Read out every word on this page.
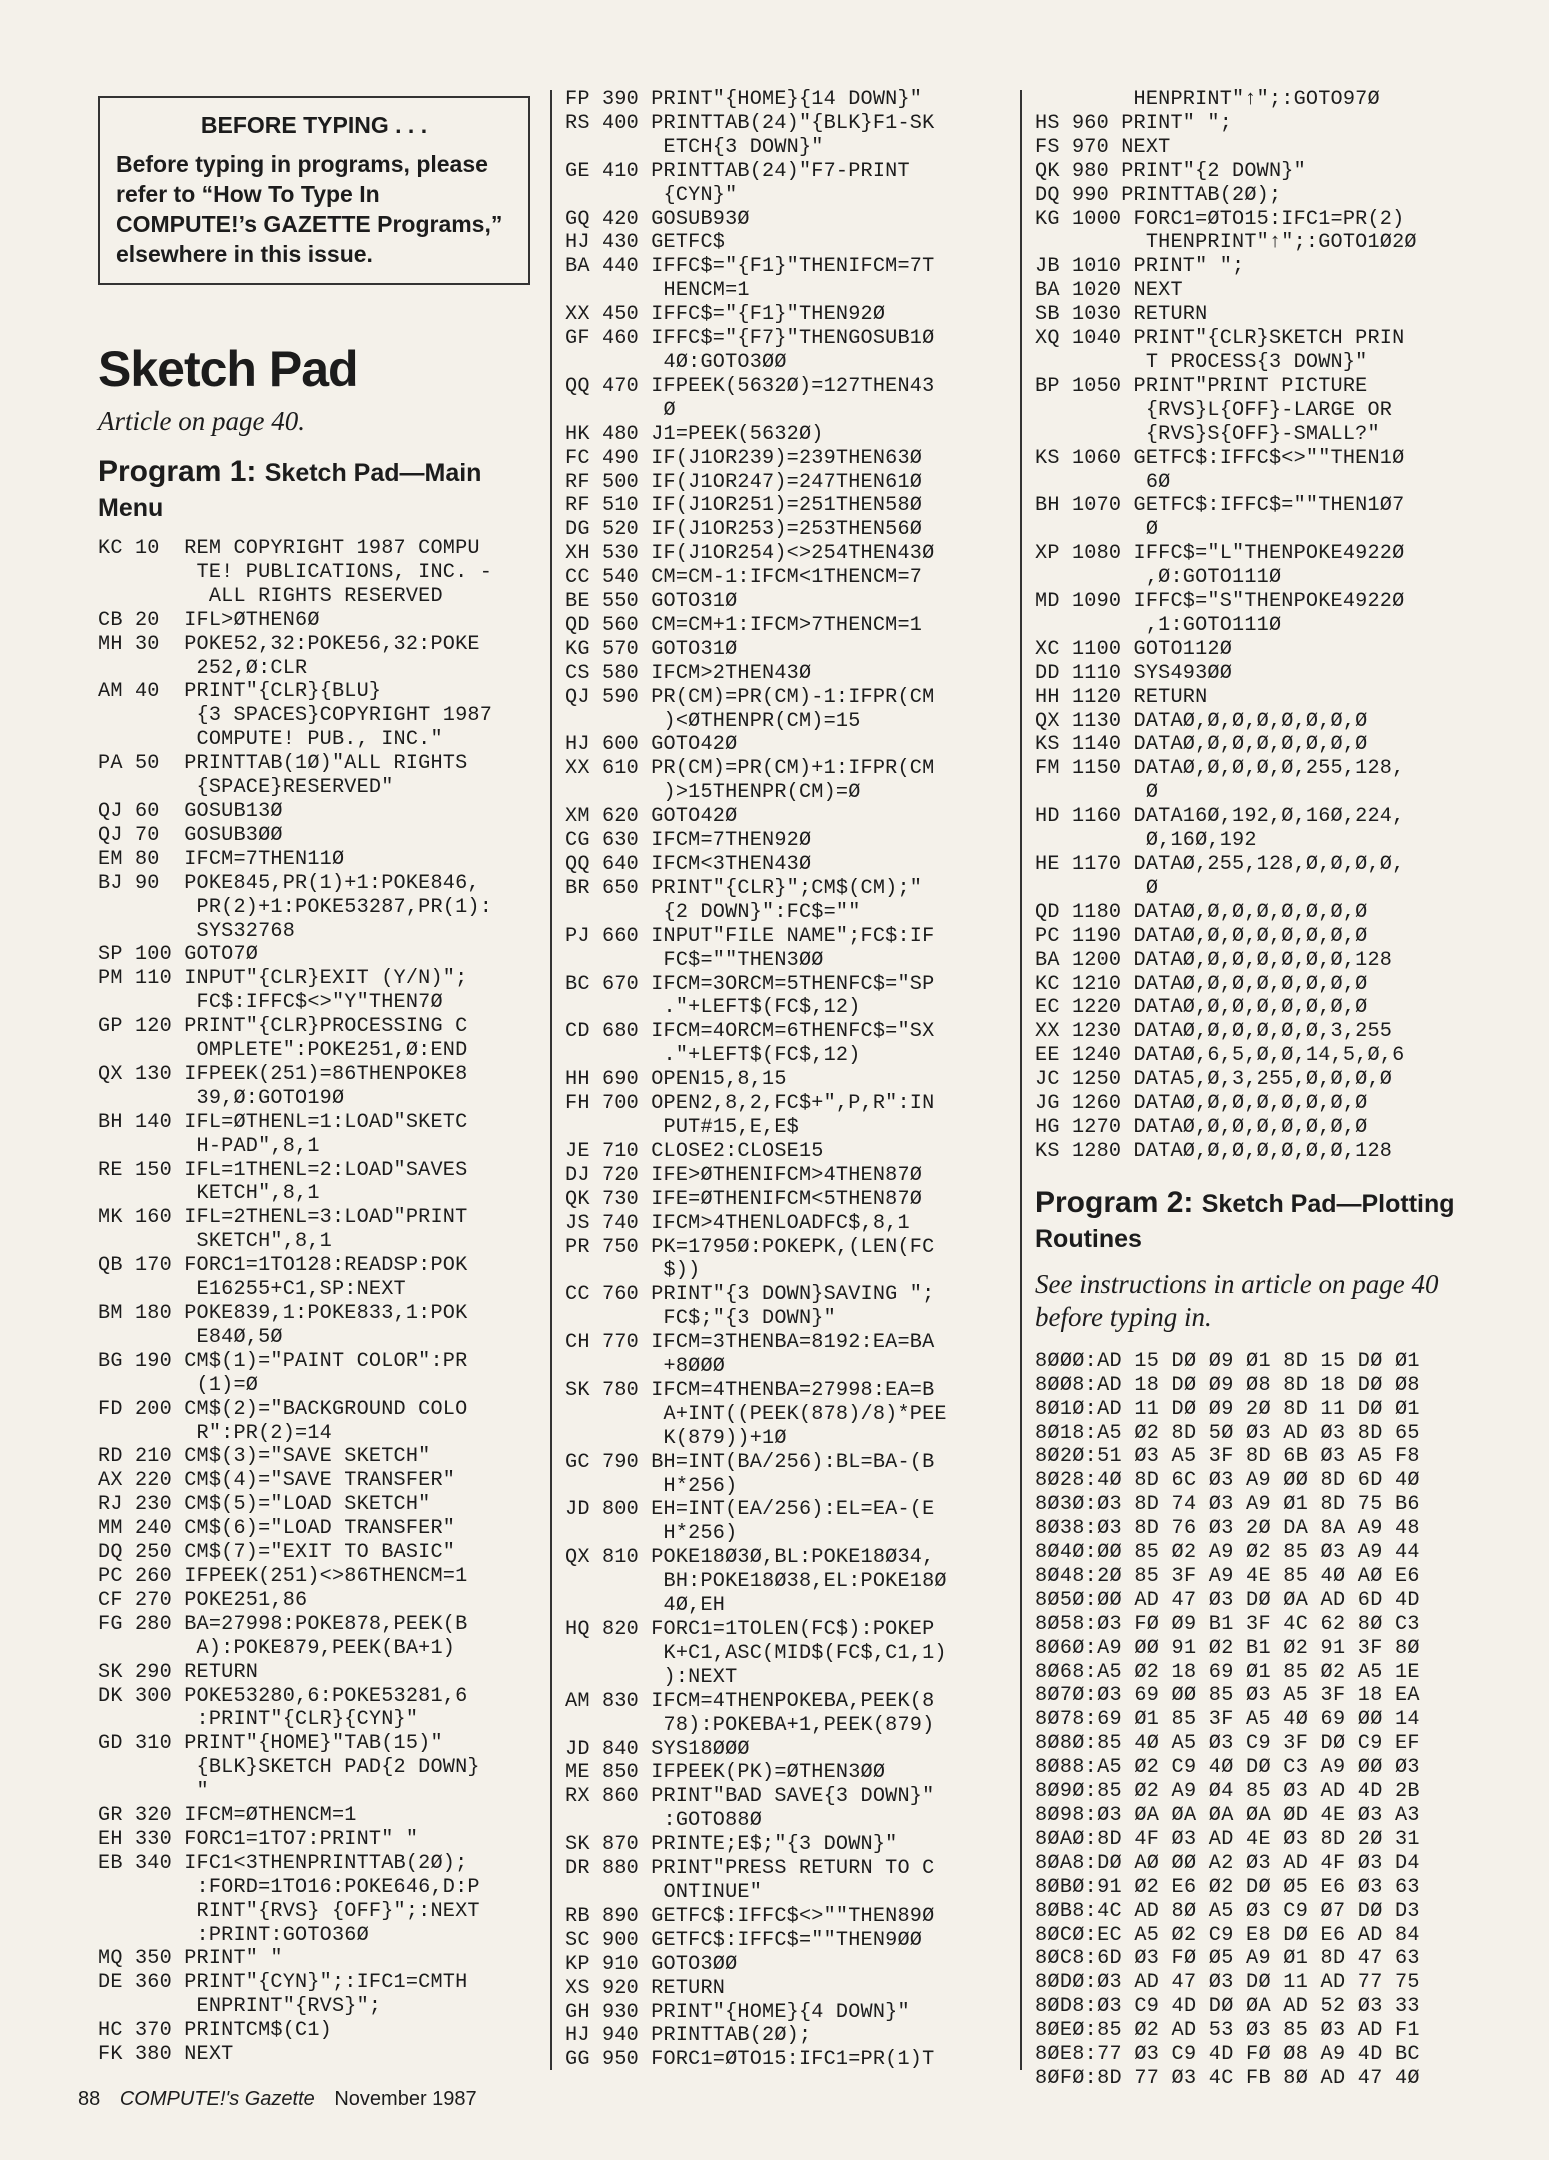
BEFORE TYPING . . .
Before typing in programs, please refer to “How To Type In COMPUTE!’s GAZETTE Programs,” elsewhere in this issue.
Sketch Pad
Article on page 40.
Program 1: Sketch Pad—Main Menu
KC 10  REM COPYRIGHT 1987 COMPU
TE! PUBLICATIONS, INC. -
ALL RIGHTS RESERVED
CB 20  IFL>ØTHEN6Ø
MH 30  POKE52,32:POKE56,32:POKE
252,Ø:CLR
AM 40  PRINT"{CLR}{BLU}
{3 SPACES}COPYRIGHT 1987
COMPUTE! PUB., INC."
PA 50  PRINTTAB(1Ø)"ALL RIGHTS
{SPACE}RESERVED"
QJ 60  GOSUB13Ø
QJ 70  GOSUB3ØØ
EM 80  IFCM=7THEN11Ø
BJ 90  POKE845,PR(1)+1:POKE846,
PR(2)+1:POKE53287,PR(1):
SYS32768
SP 100 GOTO7Ø
PM 110 INPUT"{CLR}EXIT (Y/N)";
FC$:IFFC$<>"Y"THEN7Ø
GP 120 PRINT"{CLR}PROCESSING C
OMPLETE":POKE251,Ø:END
QX 130 IFPEEK(251)=86THENPOKE8
39,Ø:GOTO19Ø
BH 140 IFL=ØTHENL=1:LOAD"SKETC
H-PAD",8,1
RE 150 IFL=1THENL=2:LOAD"SAVES
KETCH",8,1
MK 160 IFL=2THENL=3:LOAD"PRINT
SKETCH",8,1
QB 170 FORC1=1TO128:READSP:POK
E16255+C1,SP:NEXT
BM 180 POKE839,1:POKE833,1:POK
E84Ø,5Ø
BG 190 CM$(1)="PAINT COLOR":PR
(1)=Ø
FD 200 CM$(2)="BACKGROUND COLO
R":PR(2)=14
RD 210 CM$(3)="SAVE SKETCH"
AX 220 CM$(4)="SAVE TRANSFER"
RJ 230 CM$(5)="LOAD SKETCH"
MM 240 CM$(6)="LOAD TRANSFER"
DQ 250 CM$(7)="EXIT TO BASIC"
PC 260 IFPEEK(251)<>86THENCM=1
CF 270 POKE251,86
FG 280 BA=27998:POKE878,PEEK(B
A):POKE879,PEEK(BA+1)
SK 290 RETURN
DK 300 POKE53280,6:POKE53281,6
:PRINT"{CLR}{CYN}"
GD 310 PRINT"{HOME}"TAB(15)"
{BLK}SKETCH PAD{2 DOWN}
"
GR 320 IFCM=ØTHENCM=1
EH 330 FORC1=1TO7:PRINT" "
EB 340 IFC1<3THENPRINTTAB(2Ø);
:FORD=1TO16:POKE646,D:P
RINT"{RVS} {OFF}";:NEXT
:PRINT:GOTO36Ø
MQ 350 PRINT" "
DE 360 PRINT"{CYN}";:IFC1=CMTH
ENPRINT"{RVS}";
HC 370 PRINTCM$(C1)
FK 380 NEXT
FP 390 PRINT"{HOME}{14 DOWN}"
RS 400 PRINTTAB(24)"{BLK}F1-SK
ETCH{3 DOWN}"
GE 410 PRINTTAB(24)"F7-PRINT
{CYN}"
GQ 420 GOSUB93Ø
HJ 430 GETFC$
BA 440 IFFC$="{F1}"THENIFCM=7T
HENCM=1
XX 450 IFFC$="{F1}"THEN92Ø
GF 460 IFFC$="{F7}"THENGOSUB1Ø
4Ø:GOTO3ØØ
QQ 470 IFPEEK(5632Ø)=127THEN43
Ø
HK 480 J1=PEEK(5632Ø)
FC 490 IF(J1OR239)=239THEN63Ø
RF 500 IF(J1OR247)=247THEN61Ø
RF 510 IF(J1OR251)=251THEN58Ø
DG 520 IF(J1OR253)=253THEN56Ø
XH 530 IF(J1OR254)<>254THEN43Ø
CC 540 CM=CM-1:IFCM<1THENCM=7
BE 550 GOTO31Ø
QD 560 CM=CM+1:IFCM>7THENCM=1
KG 570 GOTO31Ø
CS 580 IFCM>2THEN43Ø
QJ 590 PR(CM)=PR(CM)-1:IFPR(CM
)<ØTHENPR(CM)=15
HJ 600 GOTO42Ø
XX 610 PR(CM)=PR(CM)+1:IFPR(CM
)>15THENPR(CM)=Ø
XM 620 GOTO42Ø
CG 630 IFCM=7THEN92Ø
QQ 640 IFCM<3THEN43Ø
BR 650 PRINT"{CLR}";CM$(CM);"
{2 DOWN}":FC$=""
PJ 660 INPUT"FILE NAME";FC$:IF
FC$=""THEN3ØØ
BC 670 IFCM=3ORCM=5THENFC$="SP
."+LEFT$(FC$,12)
CD 680 IFCM=4ORCM=6THENFC$="SX
."+LEFT$(FC$,12)
HH 690 OPEN15,8,15
FH 700 OPEN2,8,2,FC$+",P,R":IN
PUT#15,E,E$
JE 710 CLOSE2:CLOSE15
DJ 720 IFE>ØTHENIFCM>4THEN87Ø
QK 730 IFE=ØTHENIFCM<5THEN87Ø
JS 740 IFCM>4THENLOADFC$,8,1
PR 750 PK=1795Ø:POKEPK,(LEN(FC
$))
CC 760 PRINT"{3 DOWN}SAVING ";
FC$;"{3 DOWN}"
CH 770 IFCM=3THENBA=8192:EA=BA
+8ØØØ
SK 780 IFCM=4THENBA=27998:EA=B
A+INT((PEEK(878)/8)*PEE
K(879))+1Ø
GC 790 BH=INT(BA/256):BL=BA-(B
H*256)
JD 800 EH=INT(EA/256):EL=EA-(E
H*256)
QX 810 POKE18Ø3Ø,BL:POKE18Ø34,
BH:POKE18Ø38,EL:POKE18Ø
4Ø,EH
HQ 820 FORC1=1TOLEN(FC$):POKEP
K+C1,ASC(MID$(FC$,C1,1)
):NEXT
AM 830 IFCM=4THENPOKEBA,PEEK(8
78):POKEBA+1,PEEK(879)
JD 840 SYS18ØØØ
ME 850 IFPEEK(PK)=ØTHEN3ØØ
RX 860 PRINT"BAD SAVE{3 DOWN}"
:GOTO88Ø
SK 870 PRINTE;E$;"{3 DOWN}"
DR 880 PRINT"PRESS RETURN TO C
ONTINUE"
RB 890 GETFC$:IFFC$<>""THEN89Ø
SC 900 GETFC$:IFFC$=""THEN9ØØ
KP 910 GOTO3ØØ
XS 920 RETURN
GH 930 PRINT"{HOME}{4 DOWN}"
HJ 940 PRINTTAB(2Ø);
GG 950 FORC1=ØTO15:IFC1=PR(1)T
HENPRINT"↑";:GOTO97Ø
HS 960 PRINT" ";
FS 970 NEXT
QK 980 PRINT"{2 DOWN}"
DQ 990 PRINTTAB(2Ø);
KG 1000 FORC1=ØTO15:IFC1=PR(2)
THENPRINT"↑";:GOTO1Ø2Ø
JB 1010 PRINT" ";
BA 1020 NEXT
SB 1030 RETURN
XQ 1040 PRINT"{CLR}SKETCH PRIN
T PROCESS{3 DOWN}"
BP 1050 PRINT"PRINT PICTURE
{RVS}L{OFF}-LARGE OR
{RVS}S{OFF}-SMALL?"
KS 1060 GETFC$:IFFC$<>""THEN1Ø
6Ø
BH 1070 GETFC$:IFFC$=""THEN1Ø7
Ø
XP 1080 IFFC$="L"THENPOKE4922Ø
,Ø:GOTO111Ø
MD 1090 IFFC$="S"THENPOKE4922Ø
,1:GOTO111Ø
XC 1100 GOTO112Ø
DD 1110 SYS493ØØ
HH 1120 RETURN
QX 1130 DATAØ,Ø,Ø,Ø,Ø,Ø,Ø,Ø
KS 1140 DATAØ,Ø,Ø,Ø,Ø,Ø,Ø,Ø
FM 1150 DATAØ,Ø,Ø,Ø,Ø,255,128,
Ø
HD 1160 DATA16Ø,192,Ø,16Ø,224,
Ø,16Ø,192
HE 1170 DATAØ,255,128,Ø,Ø,Ø,Ø,
Ø
QD 1180 DATAØ,Ø,Ø,Ø,Ø,Ø,Ø,Ø
PC 1190 DATAØ,Ø,Ø,Ø,Ø,Ø,Ø,Ø
BA 1200 DATAØ,Ø,Ø,Ø,Ø,Ø,Ø,128
KC 1210 DATAØ,Ø,Ø,Ø,Ø,Ø,Ø,Ø
EC 1220 DATAØ,Ø,Ø,Ø,Ø,Ø,Ø,Ø
XX 1230 DATAØ,Ø,Ø,Ø,Ø,Ø,3,255
EE 1240 DATAØ,6,5,Ø,Ø,14,5,Ø,6
JC 1250 DATA5,Ø,3,255,Ø,Ø,Ø,Ø
JG 1260 DATAØ,Ø,Ø,Ø,Ø,Ø,Ø,Ø
HG 1270 DATAØ,Ø,Ø,Ø,Ø,Ø,Ø,Ø
KS 1280 DATAØ,Ø,Ø,Ø,Ø,Ø,Ø,128
Program 2: Sketch Pad—Plotting Routines
See instructions in article on page 40 before typing in.
8ØØØ:AD 15 DØ Ø9 Ø1 8D 15 DØ Ø1
8ØØ8:AD 18 DØ Ø9 Ø8 8D 18 DØ Ø8
8Ø1Ø:AD 11 DØ Ø9 2Ø 8D 11 DØ Ø1
8Ø18:A5 Ø2 8D 5Ø Ø3 AD Ø3 8D 65
8Ø2Ø:51 Ø3 A5 3F 8D 6B Ø3 A5 F8
8Ø28:4Ø 8D 6C Ø3 A9 ØØ 8D 6D 4Ø
8Ø3Ø:Ø3 8D 74 Ø3 A9 Ø1 8D 75 B6
8Ø38:Ø3 8D 76 Ø3 2Ø DA 8A A9 48
8Ø4Ø:ØØ 85 Ø2 A9 Ø2 85 Ø3 A9 44
8Ø48:2Ø 85 3F A9 4E 85 4Ø AØ E6
8Ø5Ø:ØØ AD 47 Ø3 DØ ØA AD 6D 4D
8Ø58:Ø3 FØ Ø9 B1 3F 4C 62 8Ø C3
8Ø6Ø:A9 ØØ 91 Ø2 B1 Ø2 91 3F 8Ø
8Ø68:A5 Ø2 18 69 Ø1 85 Ø2 A5 1E
8Ø7Ø:Ø3 69 ØØ 85 Ø3 A5 3F 18 EA
8Ø78:69 Ø1 85 3F A5 4Ø 69 ØØ 14
8Ø8Ø:85 4Ø A5 Ø3 C9 3F DØ C9 EF
8Ø88:A5 Ø2 C9 4Ø DØ C3 A9 ØØ Ø3
8Ø9Ø:85 Ø2 A9 Ø4 85 Ø3 AD 4D 2B
8Ø98:Ø3 ØA ØA ØA ØA ØD 4E Ø3 A3
8ØAØ:8D 4F Ø3 AD 4E Ø3 8D 2Ø 31
8ØA8:DØ AØ ØØ A2 Ø3 AD 4F Ø3 D4
8ØBØ:91 Ø2 E6 Ø2 DØ Ø5 E6 Ø3 63
8ØB8:4C AD 8Ø A5 Ø3 C9 Ø7 DØ D3
8ØCØ:EC A5 Ø2 C9 E8 DØ E6 AD 84
8ØC8:6D Ø3 FØ Ø5 A9 Ø1 8D 47 63
8ØDØ:Ø3 AD 47 Ø3 DØ 11 AD 77 75
8ØD8:Ø3 C9 4D DØ ØA AD 52 Ø3 33
8ØEØ:85 Ø2 AD 53 Ø3 85 Ø3 AD F1
8ØE8:77 Ø3 C9 4D FØ Ø8 A9 4D BC
8ØFØ:8D 77 Ø3 4C FB 8Ø AD 47 4Ø
88 COMPUTE!'s Gazette November 1987
